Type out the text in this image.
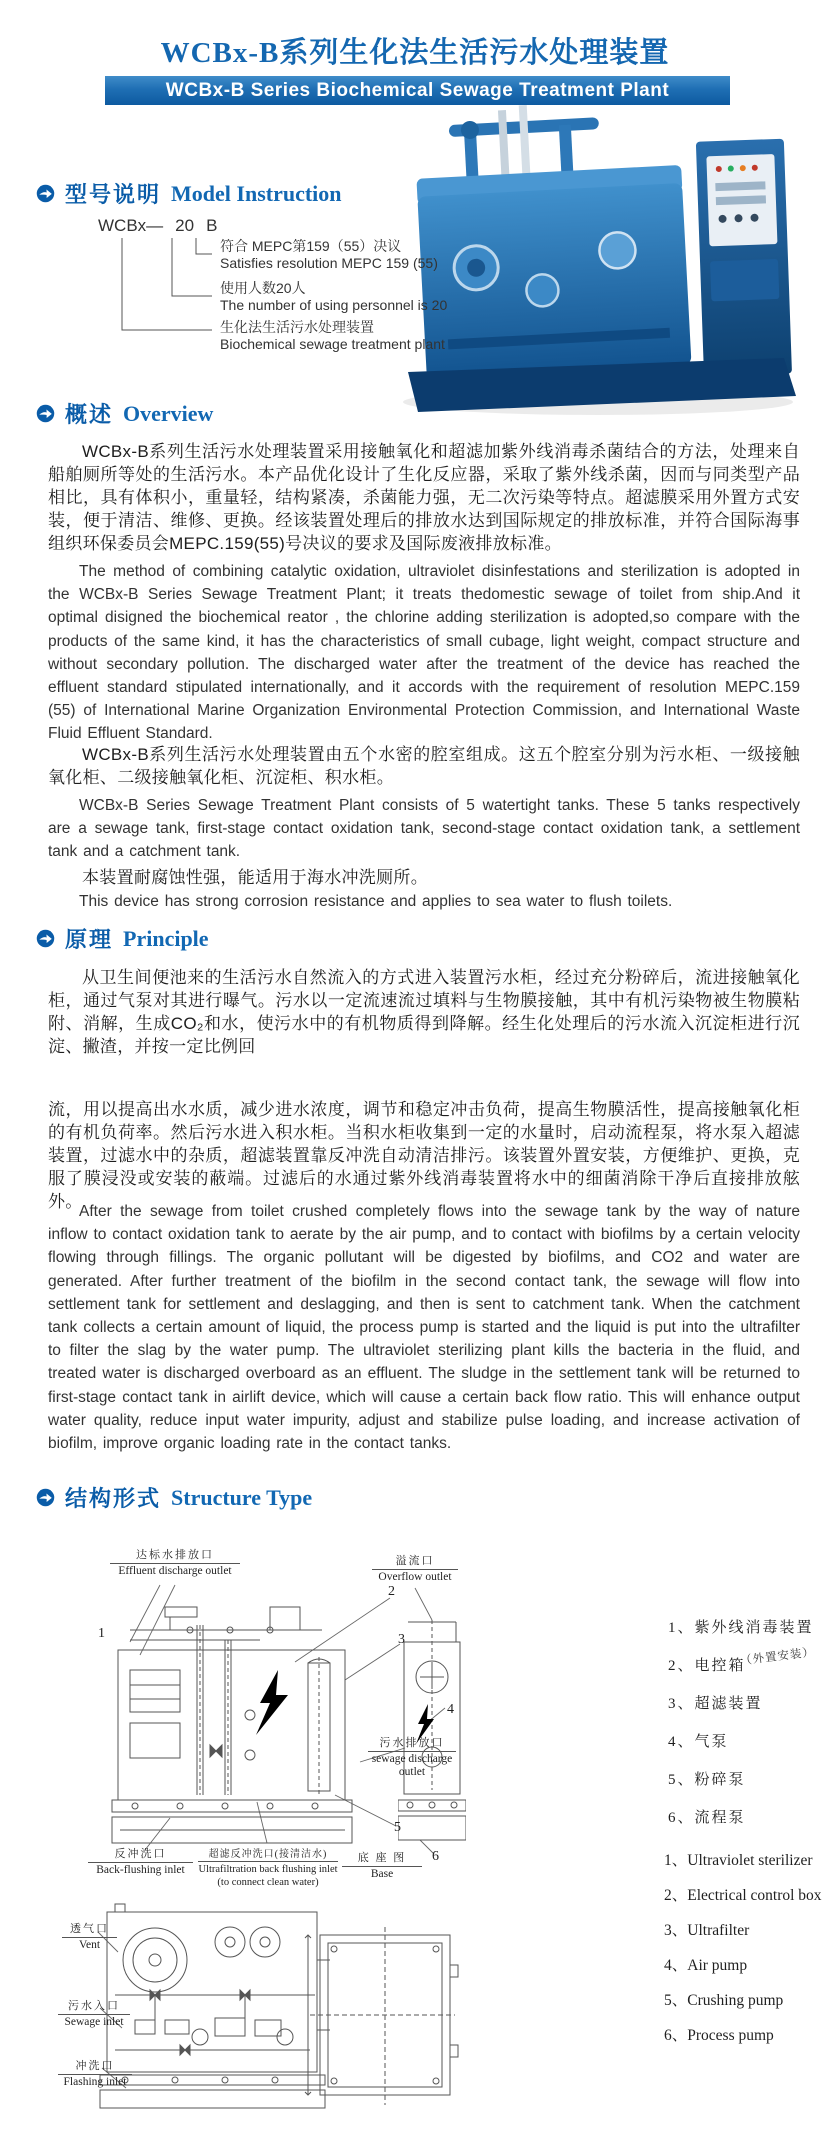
WCBx-B系列生化法生活污水处理装置
WCBx-B Series Biochemical Sewage Treatment Plant
型号说明 Model Instruction
WCBx— 20 B
符合 MEPC第159（55）决议
Satisfies resolution MEPC 159 (55)
使用人数20人
The number of using personnel is 20
生化法生活污水处理装置
Biochemical sewage treatment plant
概述 Overview
WCBx-B系列生活污水处理装置采用接触氧化和超滤加紫外线消毒杀菌结合的方法，处理来自船舶厕所等处的生活污水。本产品优化设计了生化反应器，采取了紫外线杀菌，因而与同类型产品相比，具有体积小，重量轻，结构紧凑，杀菌能力强，无二次污染等特点。超滤膜采用外置方式安装，便于清洁、维修、更换。经该装置处理后的排放水达到国际规定的排放标准，并符合国际海事组织环保委员会MEPC.159(55)号决议的要求及国际废液排放标准。
The method of combining catalytic oxidation, ultraviolet disinfestations and sterilization is adopted in the WCBx-B Series Sewage Treatment Plant; it treats thedomestic sewage of toilet from ship.And it optimal disigned the biochemical reator , the chlorine adding sterilization is adopted,so compare with the products of the same kind, it has the characteristics of small cubage, light weight, compact structure and without secondary pollution. The discharged water after the treatment of the device has reached the effluent standard stipulated internationally, and it accords with the requirement of resolution MEPC.159 (55) of International Marine Organization Environmental Protection Commission, and International Waste Fluid Effluent Standard.
WCBx-B系列生活污水处理装置由五个水密的腔室组成。这五个腔室分别为污水柜、一级接触氧化柜、二级接触氧化柜、沉淀柜、积水柜。
WCBx-B Series Sewage Treatment Plant consists of 5 watertight tanks. These 5 tanks respectively are a sewage tank, first-stage contact oxidation tank, second-stage contact oxidation tank, a settlement tank and a catchment tank.
本装置耐腐蚀性强，能适用于海水冲洗厕所。
This device has strong corrosion resistance and applies to sea water to flush toilets.
原理 Principle
从卫生间便池来的生活污水自然流入的方式进入装置污水柜，经过充分粉碎后，流进接触氧化柜，通过气泵对其进行曝气。污水以一定流速流过填料与生物膜接触，其中有机污染物被生物膜粘附、消解，生成CO₂和水，使污水中的有机物质得到降解。经生化处理后的污水流入沉淀柜进行沉淀、撇渣，并按一定比例回
流，用以提高出水水质，减少进水浓度，调节和稳定冲击负荷，提高生物膜活性，提高接触氧化柜的有机负荷率。然后污水进入积水柜。当积水柜收集到一定的水量时，启动流程泵，将水泵入超滤装置，过滤水中的杂质，超滤装置靠反冲洗自动清洁排污。该装置外置安装，方便维护、更换，克服了膜浸没或安装的蔽端。过滤后的水通过紫外线消毒装置将水中的细菌消除干净后直接排放舷外。
After the sewage from toilet crushed completely flows into the sewage tank by the way of nature inflow to contact oxidation tank to aerate by the air pump, and to contact with biofilms by a certain velocity flowing through fillings. The organic pollutant will be digested by biofilms, and CO2 and water are generated. After further treatment of the biofilm in the second contact tank, the sewage will flow into settlement tank for settlement and deslagging, and then is sent to catchment tank. When the catchment tank collects a certain amount of liquid, the process pump is started and the liquid is put into the ultrafilter to filter the slag by the water pump. The ultraviolet sterilizing plant kills the bacteria in the fluid, and treated water is discharged overboard as an effluent. The sludge in the settlement tank will be returned to first-stage contact tank in airlift device, which will cause a certain back flow ratio. This will enhance output water quality, reduce input water impurity, adjust and stabilize pulse loading, and increase activation of biofilm, improve organic loading rate in the contact tanks.
结构形式 Structure Type
达标水排放口
Effluent discharge outlet
溢流口
Overflow outlet
污水排放口
sewage discharge outlet
反冲洗口
Back-flushing inlet
超滤反冲洗口(接清洁水)
Ultrafiltration back flushing inlet (to connect clean water)
底 座 图
Base
透气口
Vent
污水入口
Sewage inlet
冲洗口
Flashing inlet
1
2
3
4
5
6
1、紫外线消毒装置
2、电控箱
3、超滤装置
4、气泵
5、粉碎泵
6、流程泵
（外置安装）
1、Ultraviolet sterilizer
2、Electrical control box
3、Ultrafilter
4、Air pump
5、Crushing pump
6、Process pump
